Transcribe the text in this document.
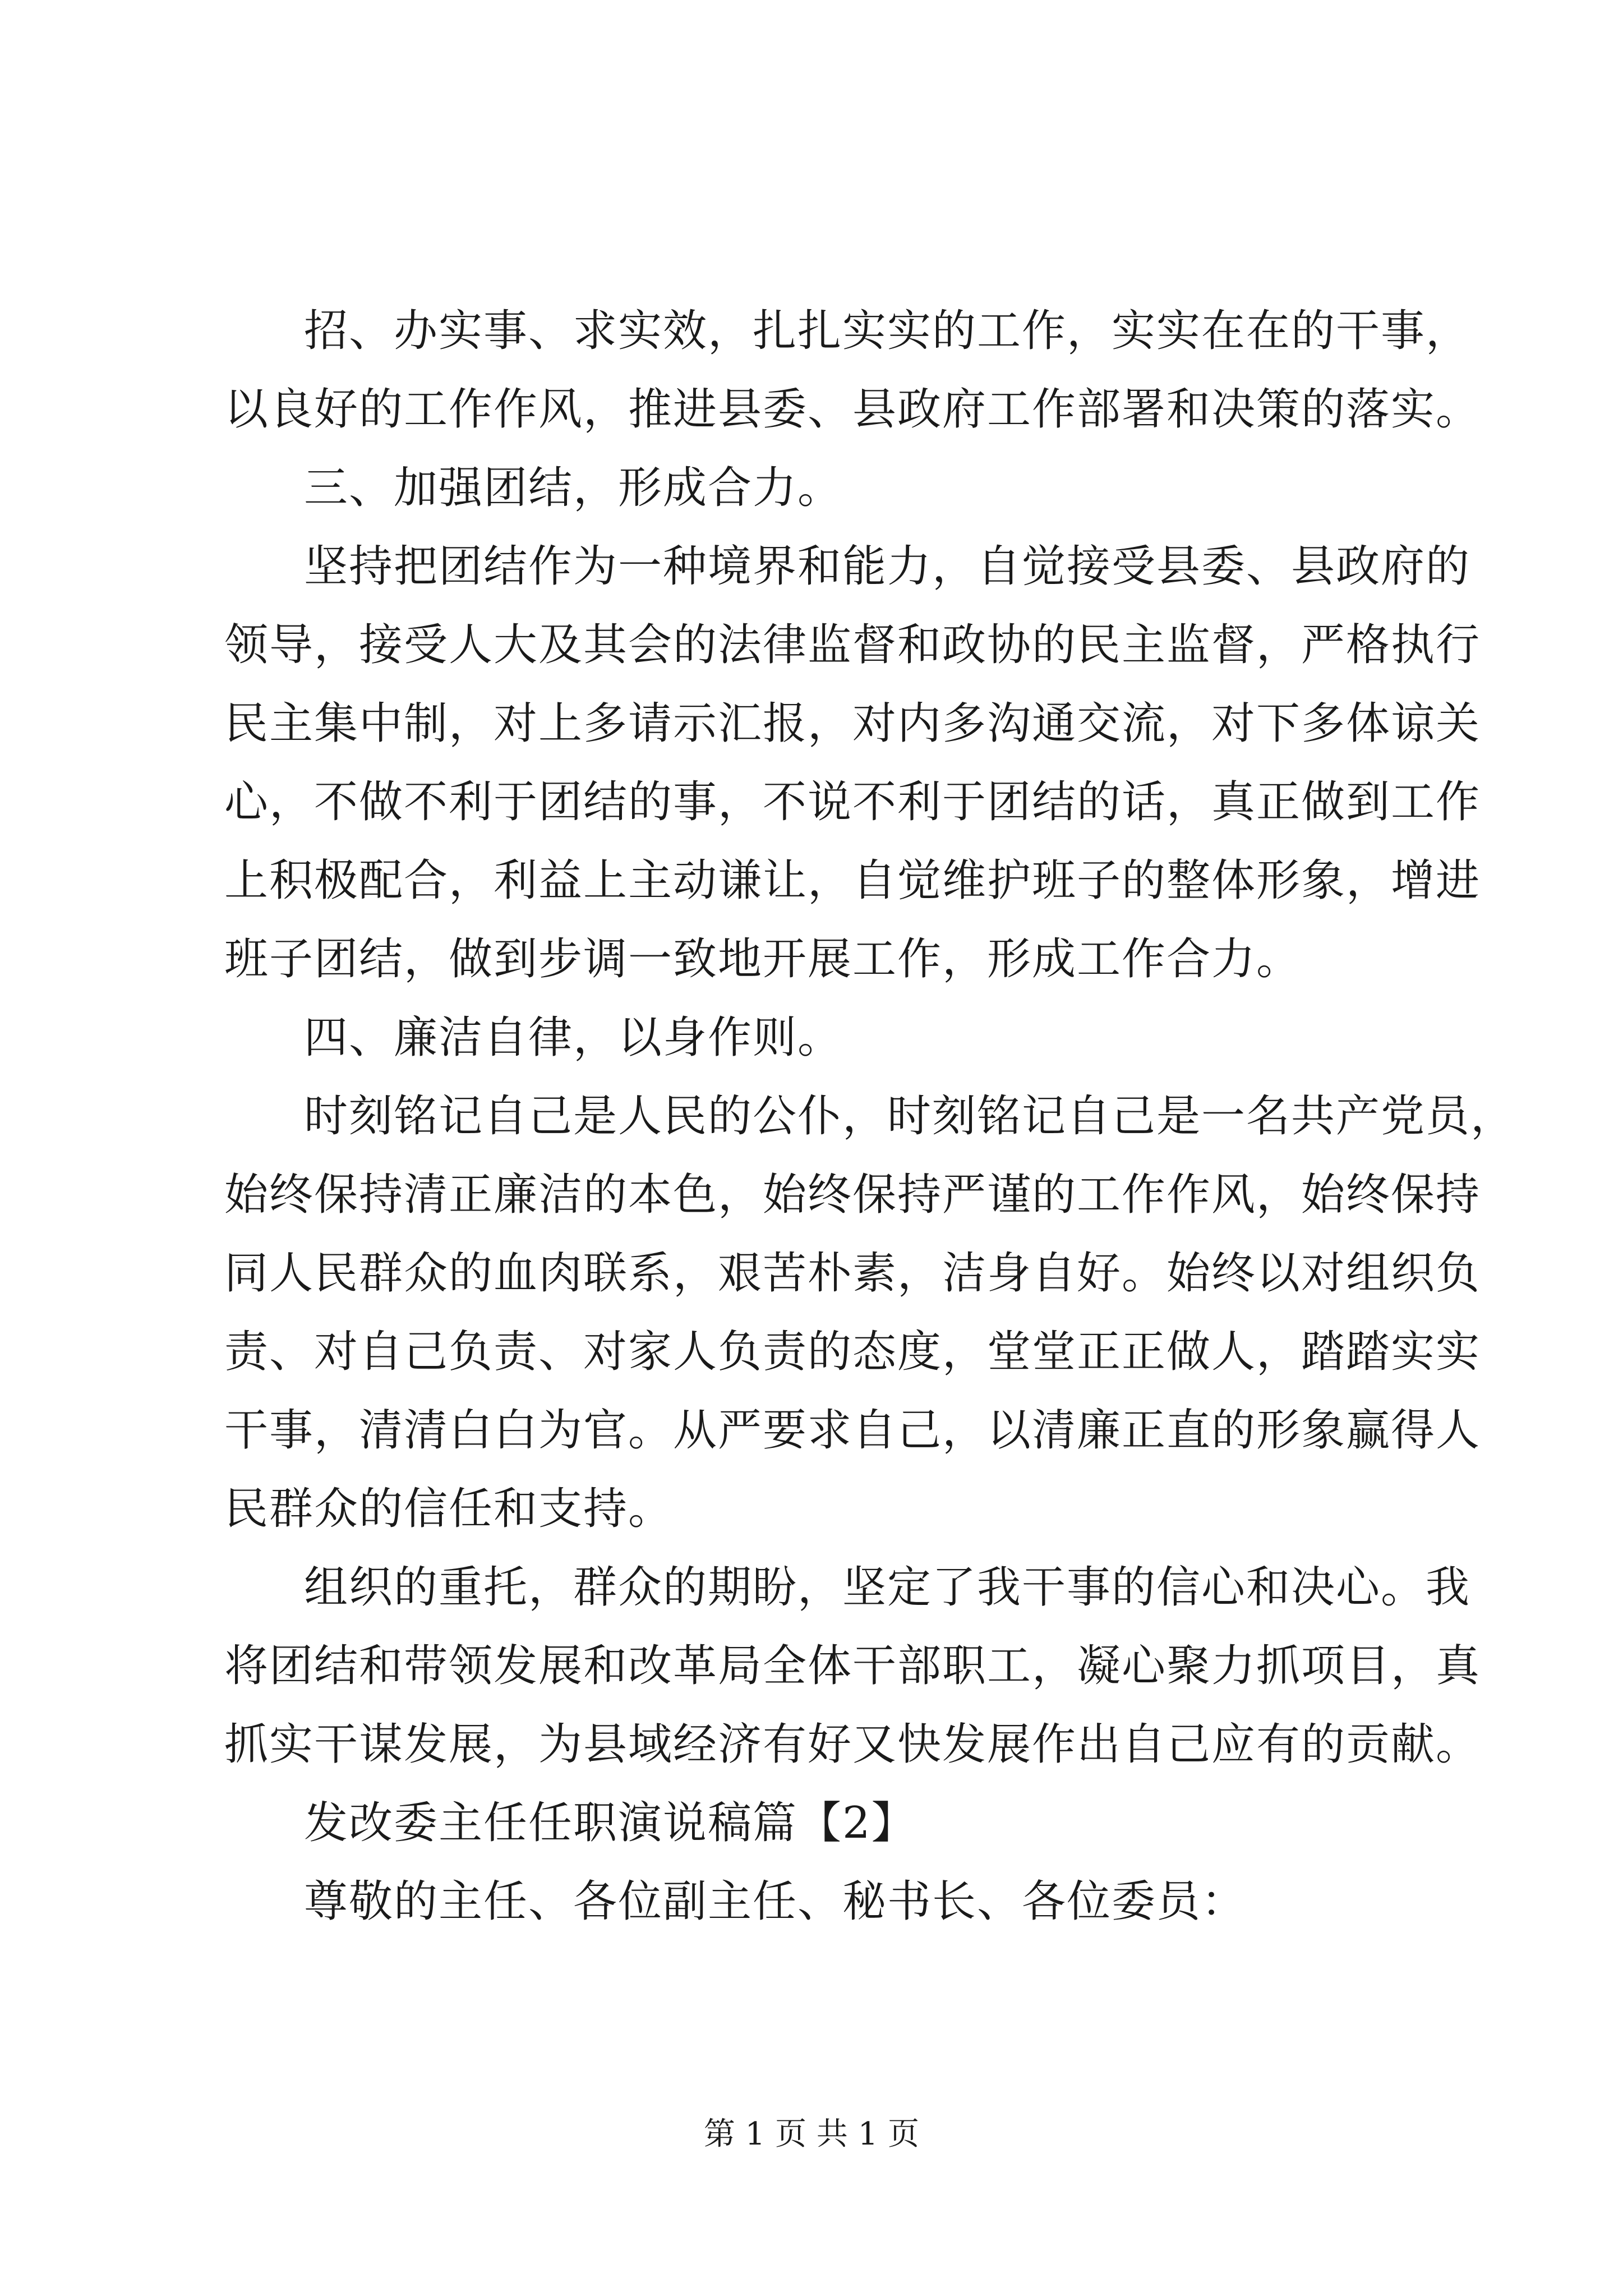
招、办实事、求实效，扎扎实实的工作，实实在在的干事，
以良好的工作作风，推进县委、县政府工作部署和决策的落实。
三、加强团结，形成合力。
坚持把团结作为一种境界和能力，自觉接受县委、县政府的
领导，接受人大及其会的法律监督和政协的民主监督，严格执行
民主集中制，对上多请示汇报，对内多沟通交流，对下多体谅关
心，不做不利于团结的事，不说不利于团结的话，真正做到工作
上积极配合，利益上主动谦让，自觉维护班子的整体形象，增进
班子团结，做到步调一致地开展工作，形成工作合力。
四、廉洁自律，以身作则。
时刻铭记自己是人民的公仆，时刻铭记自己是一名共产党员，
始终保持清正廉洁的本色，始终保持严谨的工作作风，始终保持
同人民群众的血肉联系，艰苦朴素，洁身自好。始终以对组织负
责、对自己负责、对家人负责的态度，堂堂正正做人，踏踏实实
干事，清清白白为官。从严要求自己，以清廉正直的形象赢得人
民群众的信任和支持。
组织的重托，群众的期盼，坚定了我干事的信心和决心。我
将团结和带领发展和改革局全体干部职工，凝心聚力抓项目，真
抓实干谋发展，为县域经济有好又快发展作出自己应有的贡献。
发改委主任任职演说稿篇【2】
尊敬的主任、各位副主任、秘书长、各位委员：
第 1 页 共 1 页
